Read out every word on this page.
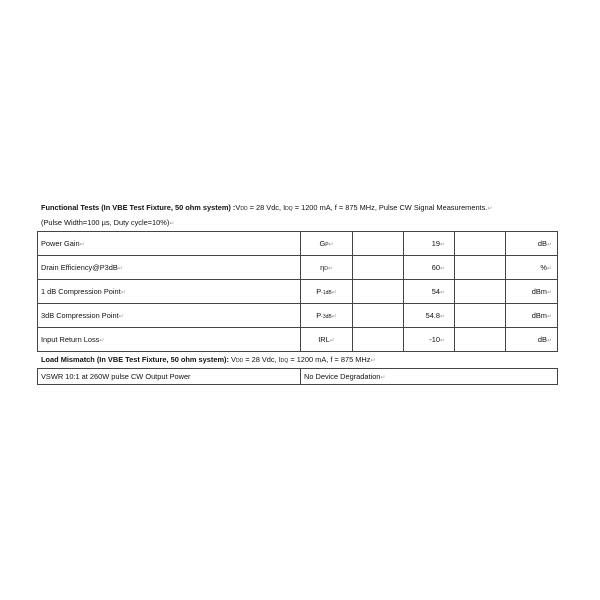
Functional Tests (In VBE Test Fixture, 50 ohm system) :VDD = 28 Vdc, IDQ = 1200 mA, f = 875 MHz, Pulse CW Signal Measurements.↵
(Pulse Width=100 µs, Duty cycle=10%)↵
Power Gain↵	GP↵		19↵		dB↵
Drain Efficiency@P3dB↵	ηD↵		60↵		%↵
1 dB Compression Point↵	P-1dB↵		54↵		dBm↵
3dB Compression Point↵	P-3dB↵		54.8↵		dBm↵
Input Return Loss↵	IRL↵		-10↵		dB↵
Load Mismatch (In VBE Test Fixture, 50 ohm system): VDD = 28 Vdc, IDQ = 1200 mA, f = 875 MHz↵
VSWR 10:1 at 260W pulse CW Output Power	No Device Degradation↵
